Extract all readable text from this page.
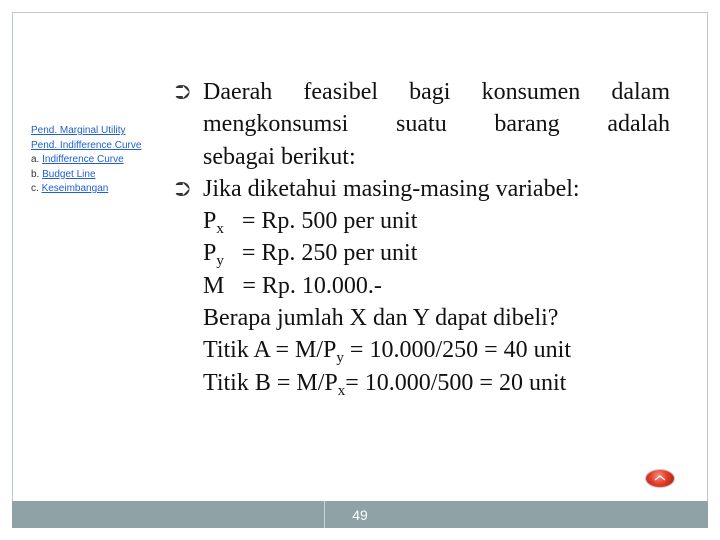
Pend. Marginal Utility
Pend. Indifference Curve
a. Indifference Curve
b. Budget Line
c. Keseimbangan
⮊ Daerah feasibel bagi konsumen dalam
mengkonsumsi suatu barang adalah
sebagai berikut:
⮊ Jika diketahui masing-masing variabel:
$P_x = Rp$. 500 per unit
$P_y = Rp$. 250 per unit
M   = Rp. 10.000.-
Berapa jumlah X dan Y dapat dibeli?
Titik $A = M/P_y = 10.000/250 = 40$ unit
Titik $B = M/P_x= 10.000/500 = 20$ unit
49
